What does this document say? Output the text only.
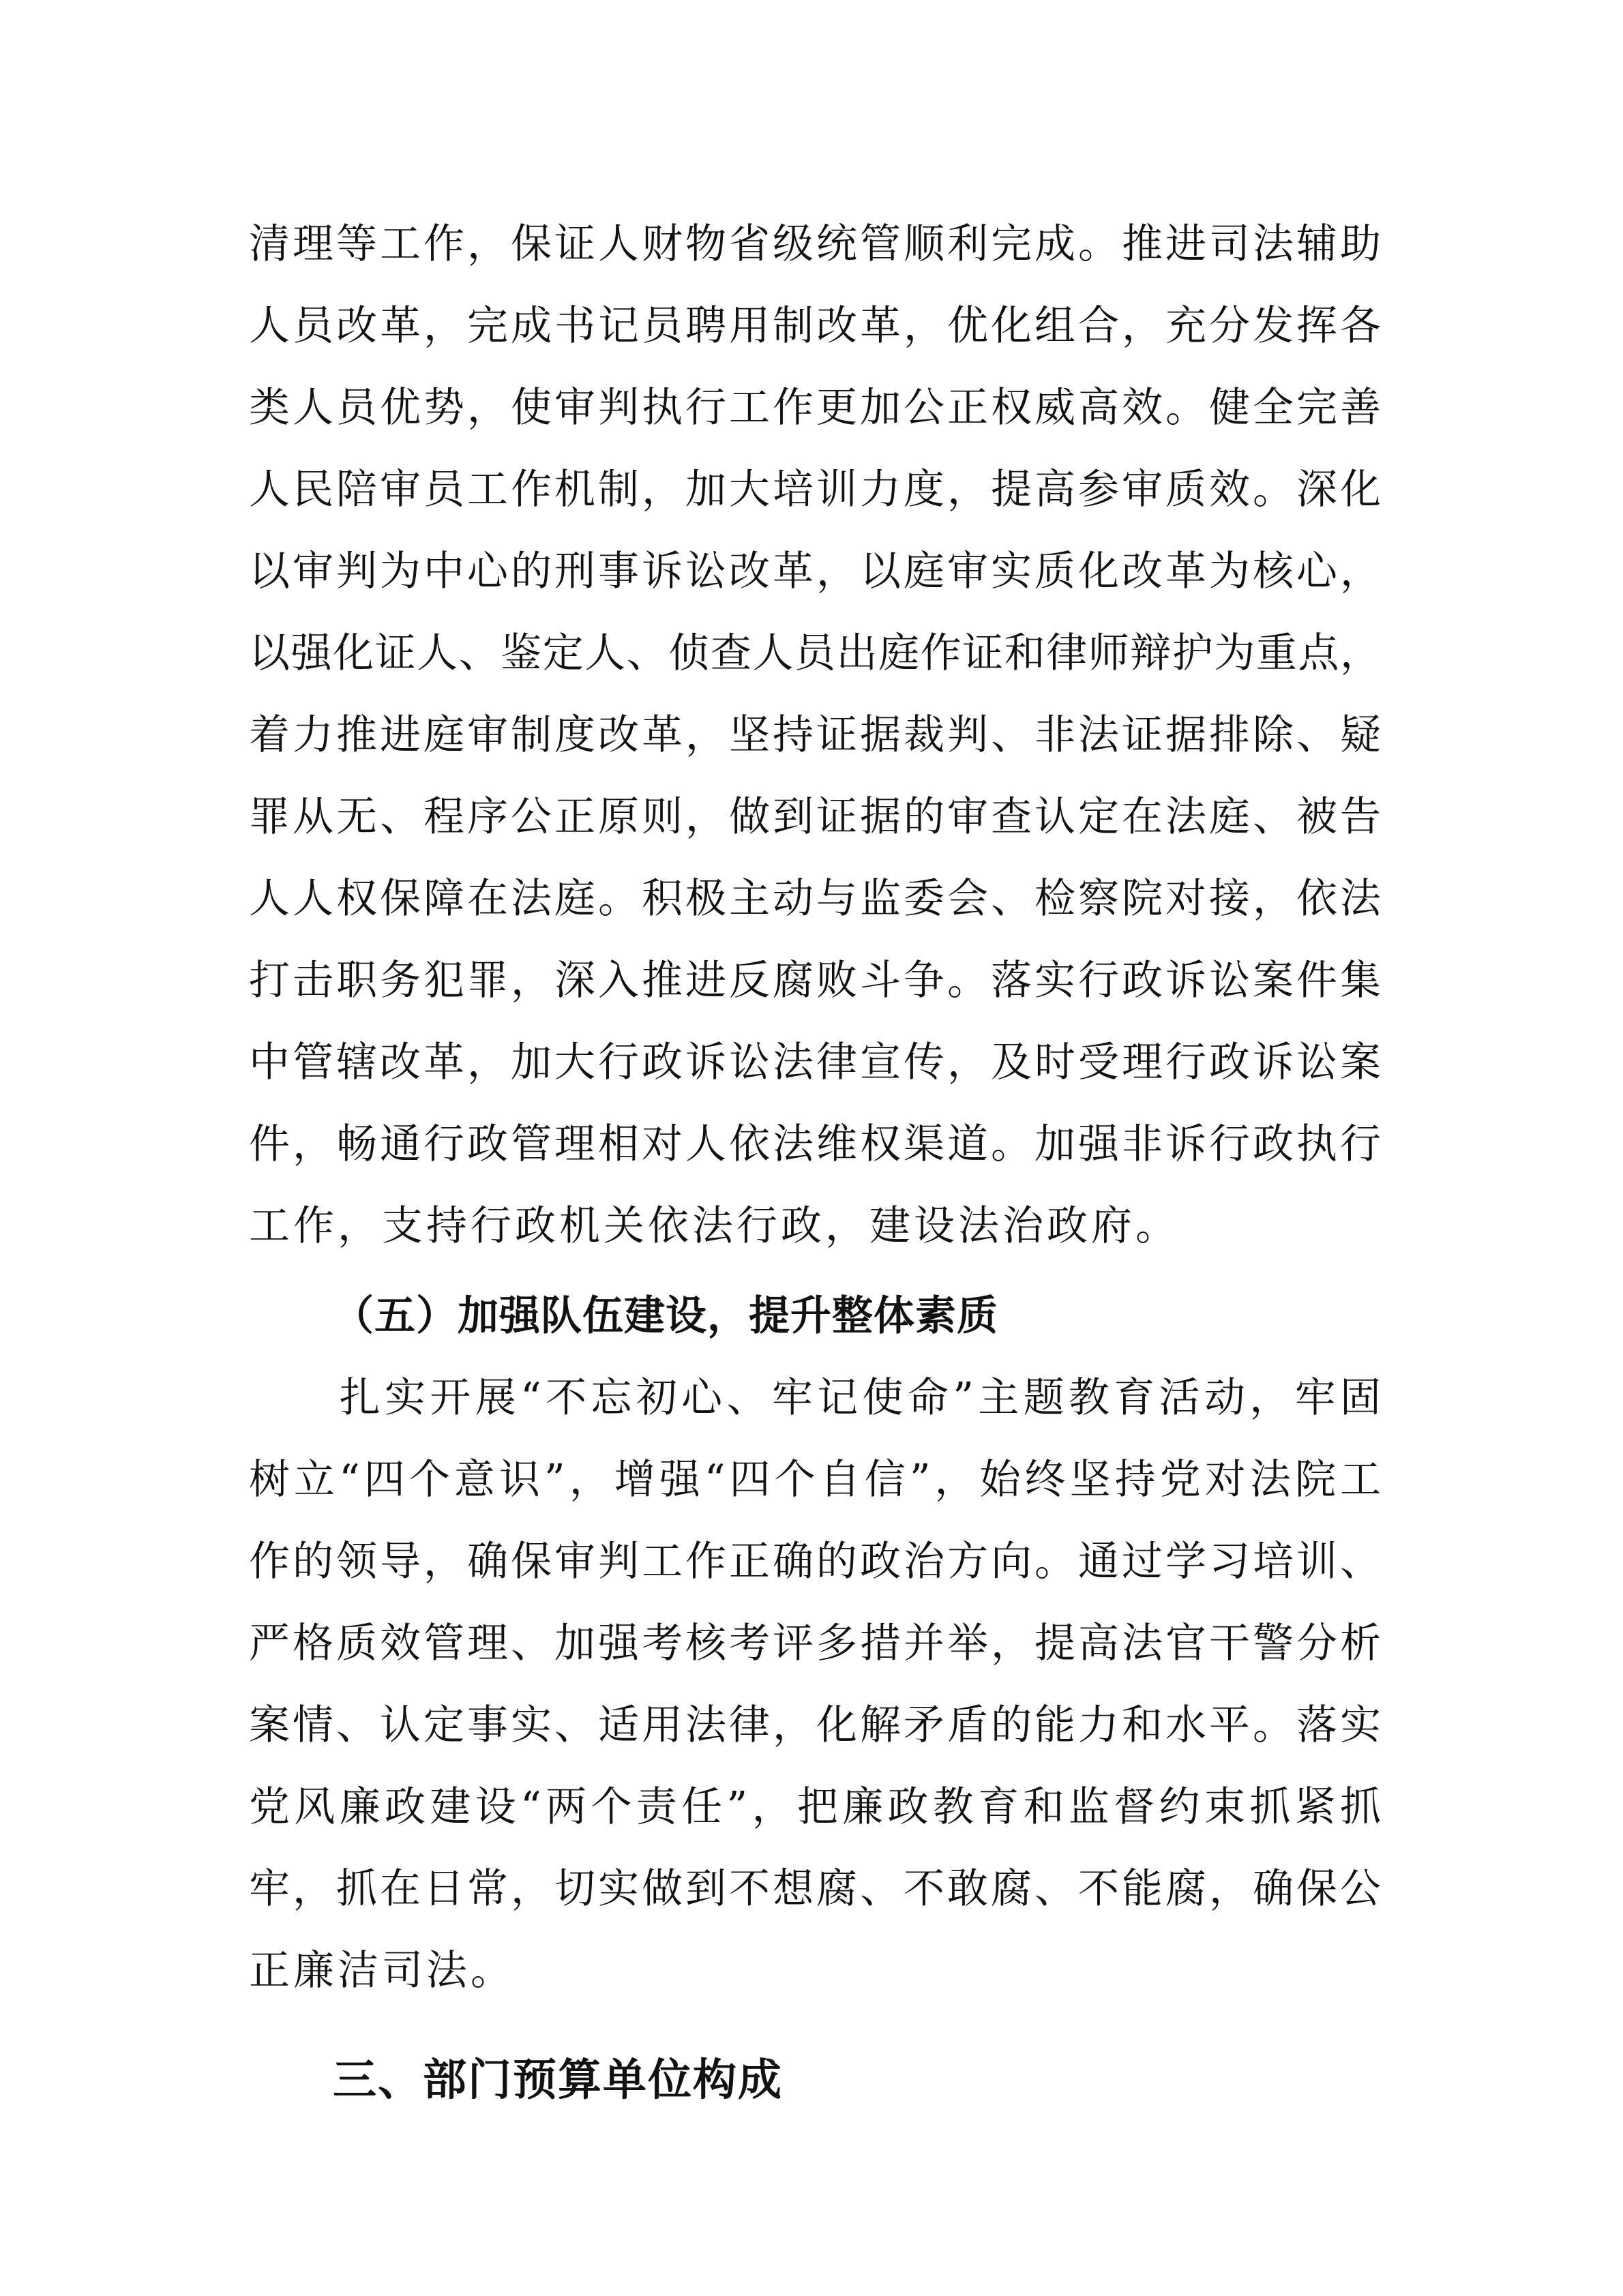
清理等工作，保证人财物省级统管顺利完成。推进司法辅助
人员改革，完成书记员聘用制改革，优化组合，充分发挥各
类人员优势，使审判执行工作更加公正权威高效。健全完善
人民陪审员工作机制，加大培训力度，提高参审质效。深化
以审判为中心的刑事诉讼改革，以庭审实质化改革为核心，
以强化证人、鉴定人、侦查人员出庭作证和律师辩护为重点，
着力推进庭审制度改革，坚持证据裁判、非法证据排除、疑
罪从无、程序公正原则，做到证据的审查认定在法庭、被告
人人权保障在法庭。积极主动与监委会、检察院对接，依法
打击职务犯罪，深入推进反腐败斗争。落实行政诉讼案件集
中管辖改革，加大行政诉讼法律宣传，及时受理行政诉讼案
件，畅通行政管理相对人依法维权渠道。加强非诉行政执行
工作，支持行政机关依法行政，建设法治政府。
（五）加强队伍建设，提升整体素质
　　扎实开展“不忘初心、牢记使命”主题教育活动，牢固
树立“四个意识”，增强“四个自信”，始终坚持党对法院工
作的领导，确保审判工作正确的政治方向。通过学习培训、
严格质效管理、加强考核考评多措并举，提高法官干警分析
案情、认定事实、适用法律，化解矛盾的能力和水平。落实
党风廉政建设“两个责任”，把廉政教育和监督约束抓紧抓
牢，抓在日常，切实做到不想腐、不敢腐、不能腐，确保公
正廉洁司法。
三、部门预算单位构成
